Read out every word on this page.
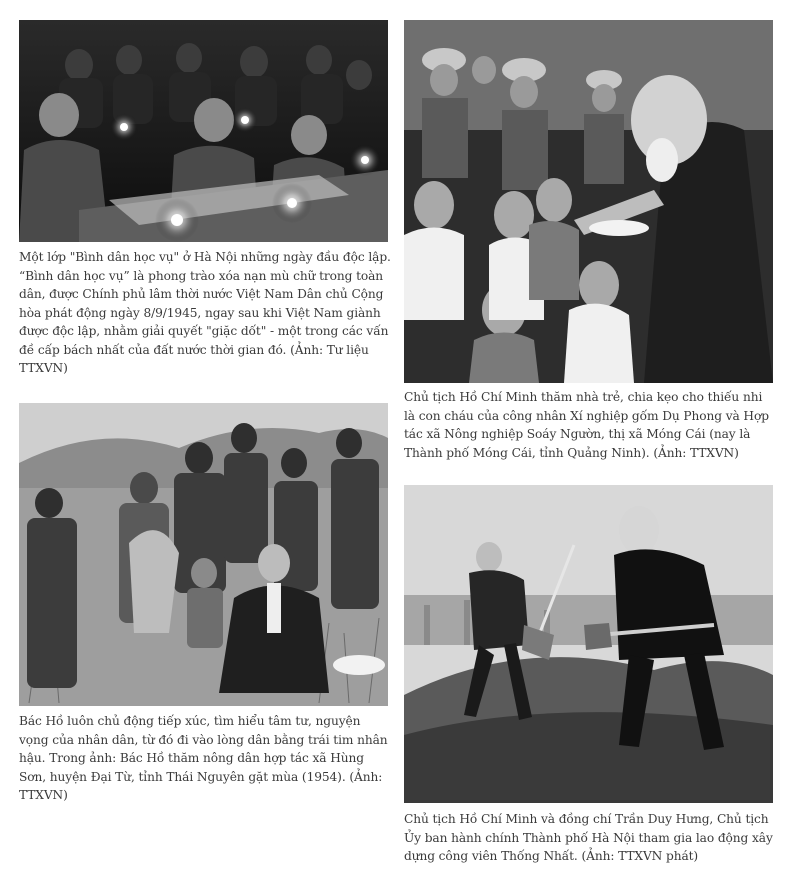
Một lớp "Bình dân học vụ" ở Hà Nội những ngày đầu độc lập. “Bình dân học vụ” là phong trào xóa nạn mù chữ trong toàn dân, được Chính phủ lâm thời nước Việt Nam Dân chủ Cộng hòa phát động ngày 8/9/1945, ngay sau khi Việt Nam giành được độc lập, nhằm giải quyết "giặc dốt" - một trong các vấn đề cấp bách nhất của đất nước thời gian đó. (Ảnh: Tư liệu TTXVN)

Chủ tịch Hồ Chí Minh thăm nhà trẻ, chia kẹo cho thiếu nhi là con cháu của công nhân Xí nghiệp gốm Dụ Phong và Hợp tác xã Nông nghiệp Soáy Ngườn, thị xã Móng Cái (nay là Thành phố Móng Cái, tỉnh Quảng Ninh). (Ảnh: TTXVN)

Bác Hồ luôn chủ động tiếp xúc, tìm hiểu tâm tư, nguyện vọng của nhân dân, từ đó đi vào lòng dân bằng trái tim nhân hậu. Trong ảnh: Bác Hồ thăm nông dân hợp tác xã Hùng Sơn, huyện Đại Từ, tỉnh Thái Nguyên gặt mùa (1954). (Ảnh: TTXVN)

Chủ tịch Hồ Chí Minh và đồng chí Trần Duy Hưng, Chủ tịch Ủy ban hành chính Thành phố Hà Nội tham gia lao động xây dựng công viên Thống Nhất. (Ảnh: TTXVN phát)
